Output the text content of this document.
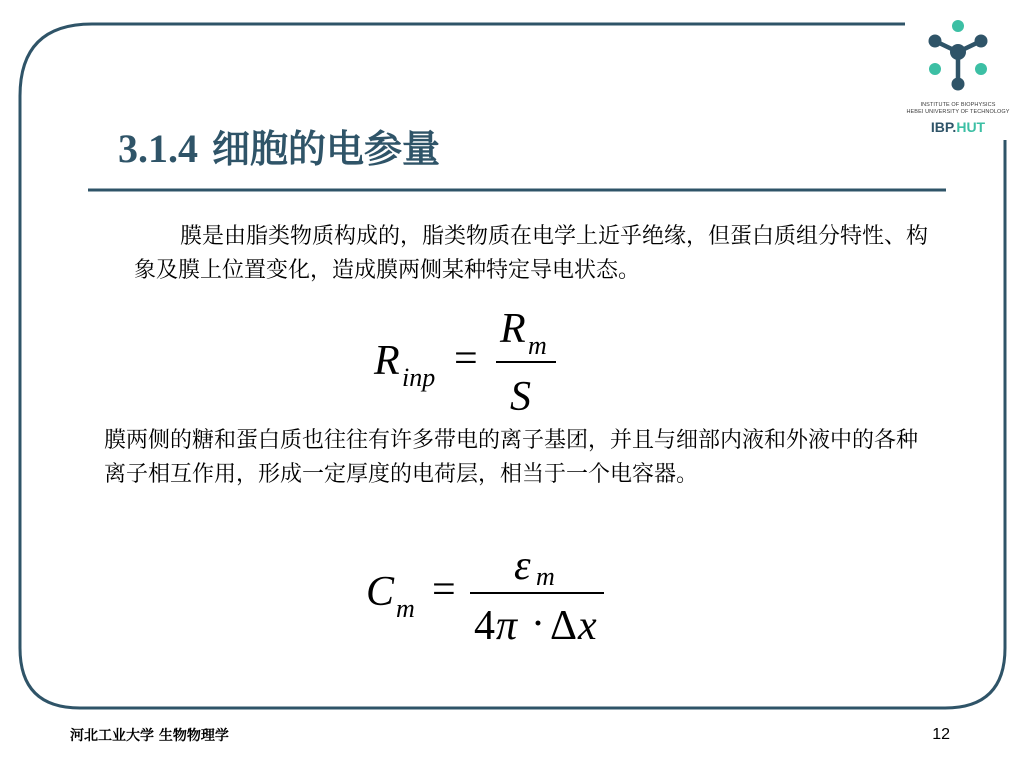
INSTITUTE OF BIOPHYSICS
HEBEI UNIVERSITY OF TECHNOLOGY
IBP.HUT
3.1.4 细胞的电参量

膜是由脂类物质构成的，脂类物质在电学上近乎绝缘，但蛋白质组分特性、构象及膜上位置变化，造成膜两侧某种特定导电状态。

R inp =
R m
S

膜两侧的糖和蛋白质也往往有许多带电的离子基团，并且与细部内液和外液中的各种离子相互作用，形成一定厚度的电荷层，相当于一个电容器。

C m =
ε m
4 π · Δ x
河北工业大学 生物物理学	12
